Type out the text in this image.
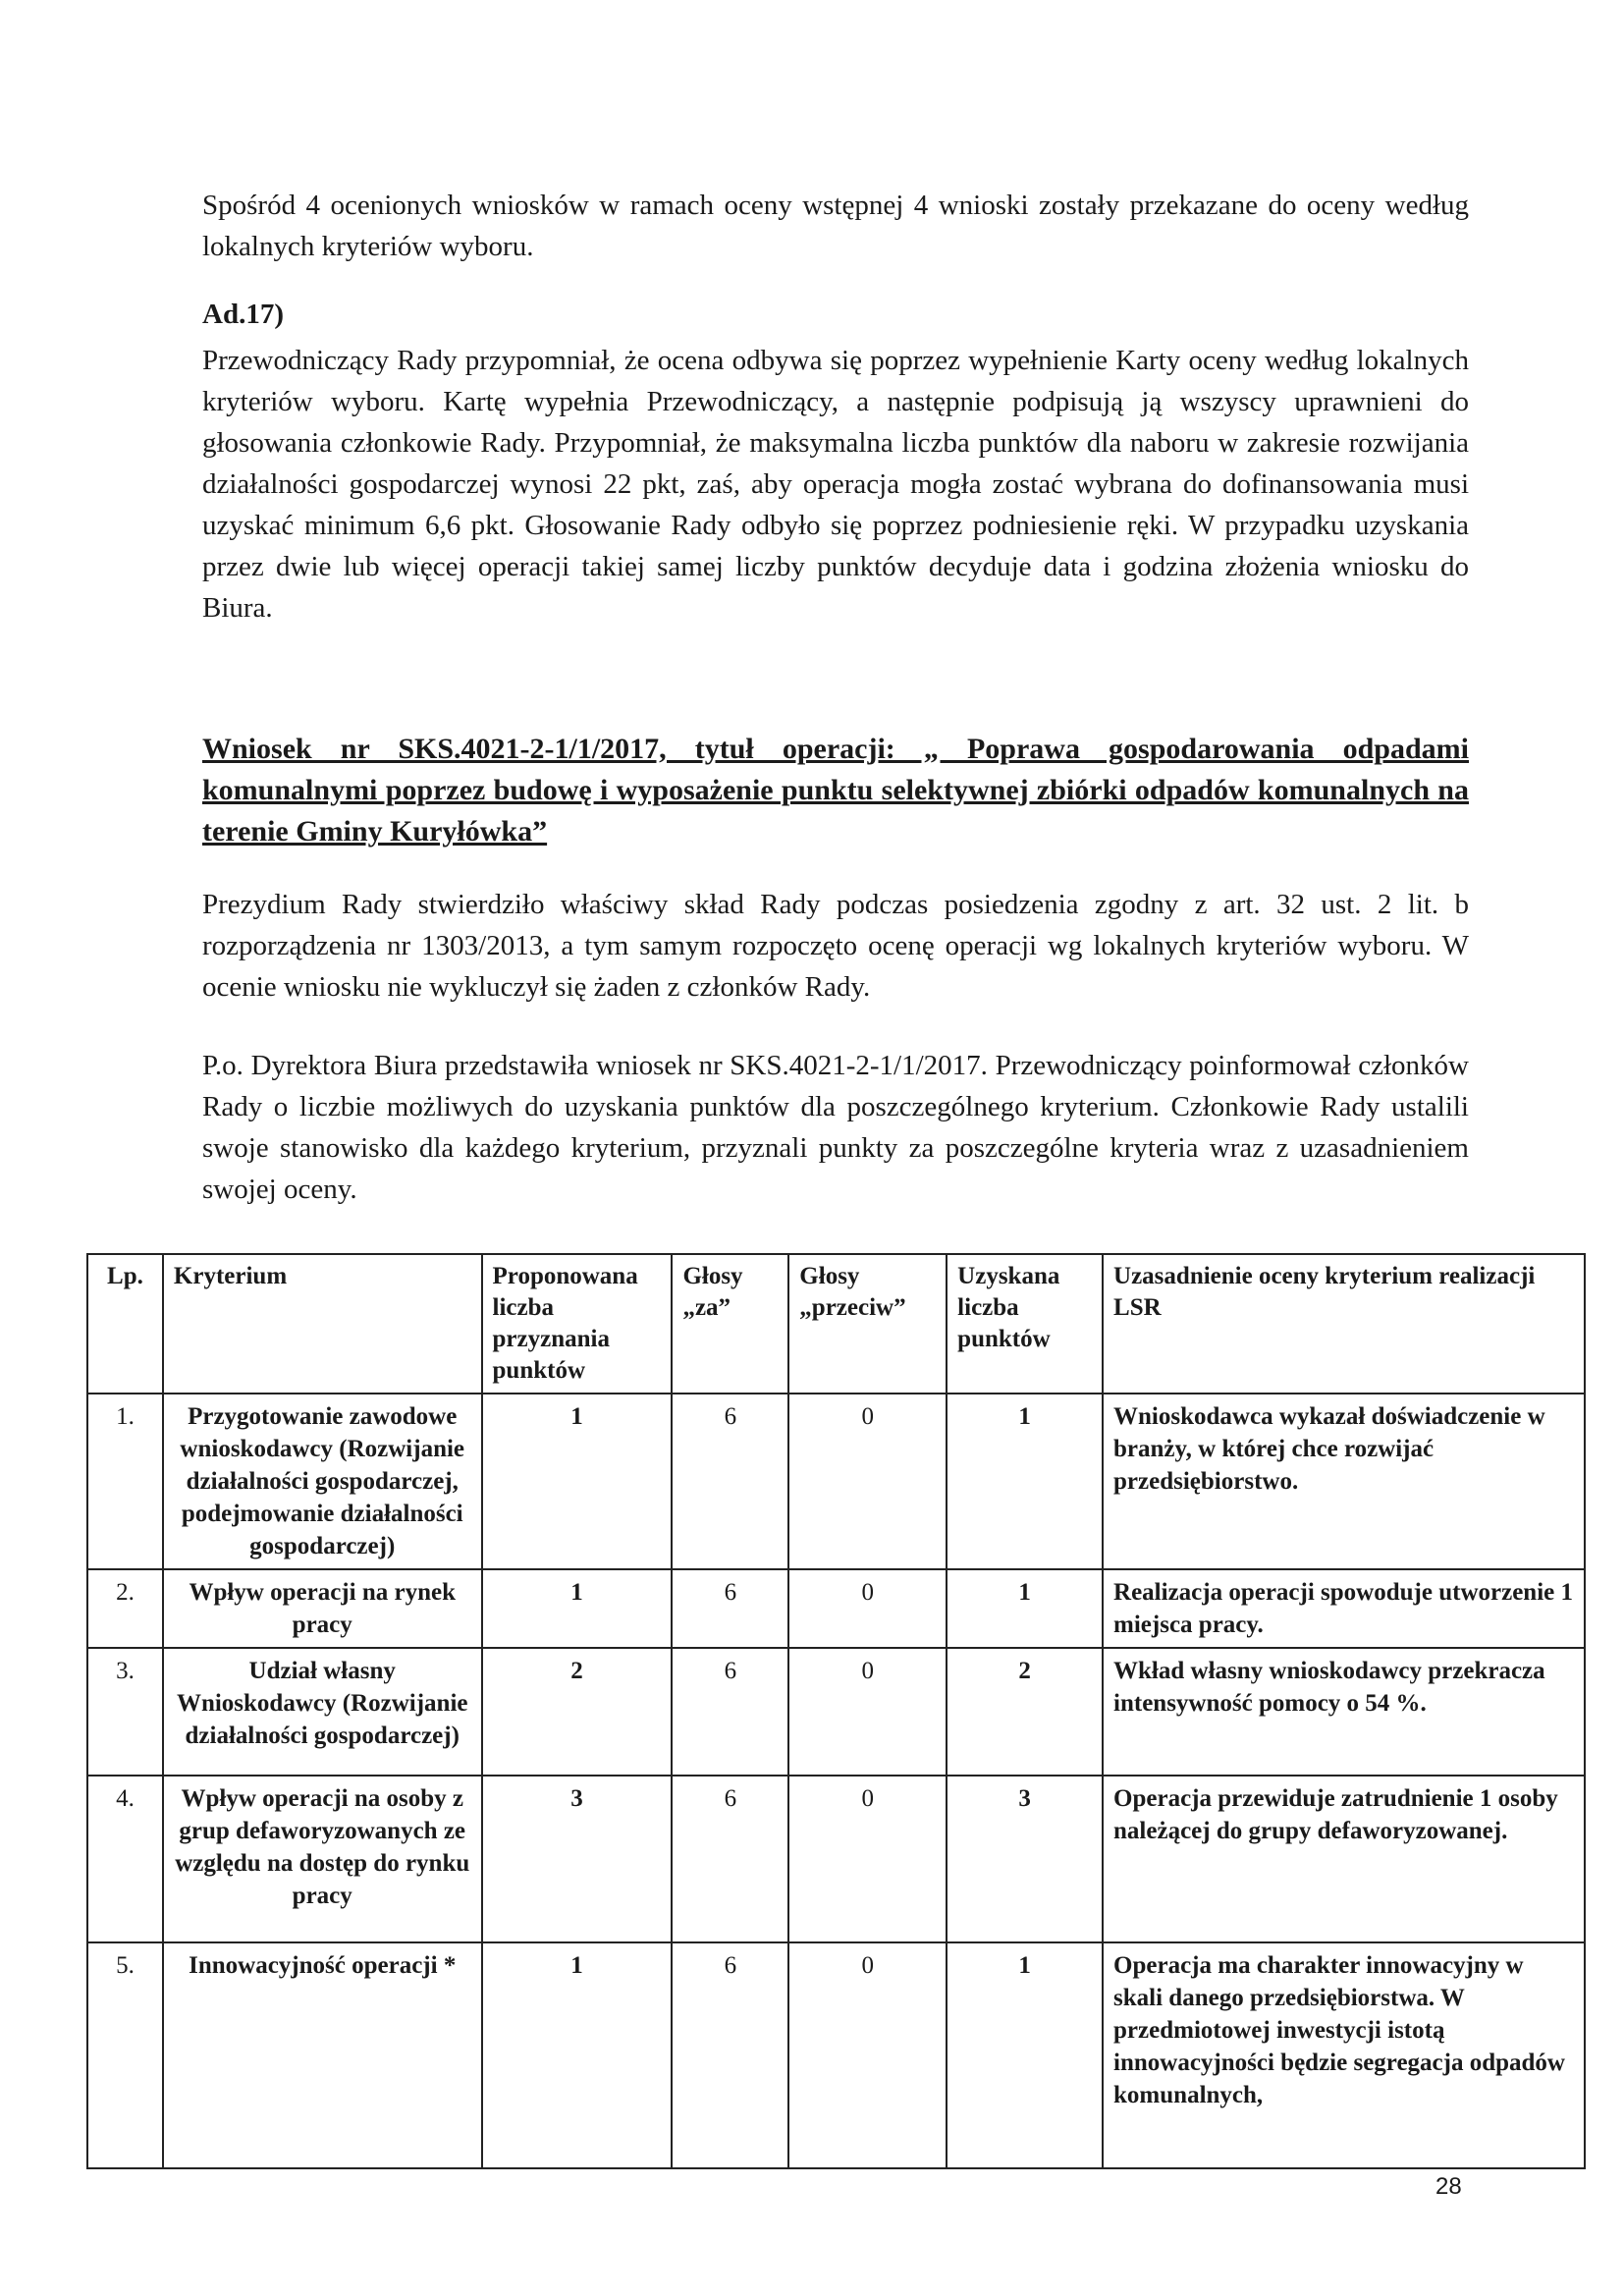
Spośród 4 ocenionych wniosków w ramach oceny wstępnej 4 wnioski zostały przekazane do oceny według lokalnych kryteriów wyboru.

Ad.17)

Przewodniczący Rady przypomniał, że ocena odbywa się poprzez wypełnienie Karty oceny według lokalnych kryteriów wyboru. Kartę wypełnia Przewodniczący, a następnie podpisują ją wszyscy uprawnieni do głosowania członkowie Rady. Przypomniał, że maksymalna liczba punktów dla naboru w zakresie rozwijania działalności gospodarczej wynosi 22 pkt, zaś, aby operacja mogła zostać wybrana do dofinansowania musi uzyskać minimum 6,6 pkt. Głosowanie Rady odbyło się poprzez podniesienie ręki. W przypadku uzyskania przez dwie lub więcej operacji takiej samej liczby punktów decyduje data i godzina złożenia wniosku do Biura.

Wniosek nr SKS.4021-2-1/1/2017, tytuł operacji: „ Poprawa gospodarowania odpadami komunalnymi poprzez budowę i wyposażenie punktu selektywnej zbiórki odpadów komunalnych na terenie Gminy Kuryłówka”

Prezydium Rady stwierdziło właściwy skład Rady podczas posiedzenia zgodny z art. 32 ust. 2 lit. b rozporządzenia nr 1303/2013, a tym samym rozpoczęto ocenę operacji wg lokalnych kryteriów wyboru. W ocenie wniosku nie wykluczył się żaden z członków Rady.

P.o. Dyrektora Biura przedstawiła wniosek nr SKS.4021-2-1/1/2017. Przewodniczący poinformował członków Rady o liczbie możliwych do uzyskania punktów dla poszczególnego kryterium. Członkowie Rady ustalili swoje stanowisko dla każdego kryterium, przyznali punkty za poszczególne kryteria wraz z uzasadnieniem swojej oceny.

Lp.	Kryterium	Proponowana liczba przyznania punktów	Głosy „za”	Głosy „przeciw”	Uzyskana liczba punktów	Uzasadnienie oceny kryterium realizacji LSR
1.	Przygotowanie zawodowe wnioskodawcy (Rozwijanie działalności gospodarczej, podejmowanie działalności gospodarczej)	1	6	0	1	Wnioskodawca wykazał doświadczenie w branży, w której chce rozwijać przedsiębiorstwo.
2.	Wpływ operacji na rynek pracy	1	6	0	1	Realizacja operacji spowoduje utworzenie 1 miejsca pracy.
3.	Udział własny Wnioskodawcy (Rozwijanie działalności gospodarczej)	2	6	0	2	Wkład własny wnioskodawcy przekracza intensywność pomocy o 54 %.
4.	Wpływ operacji na osoby z grup defaworyzowanych ze względu na dostęp do rynku pracy	3	6	0	3	Operacja przewiduje zatrudnienie 1 osoby należącej do grupy defaworyzowanej.
5.	Innowacyjność operacji *	1	6	0	1	Operacja ma charakter innowacyjny w skali danego przedsiębiorstwa. W przedmiotowej inwestycji istotą innowacyjności będzie segregacja odpadów komunalnych,
28
